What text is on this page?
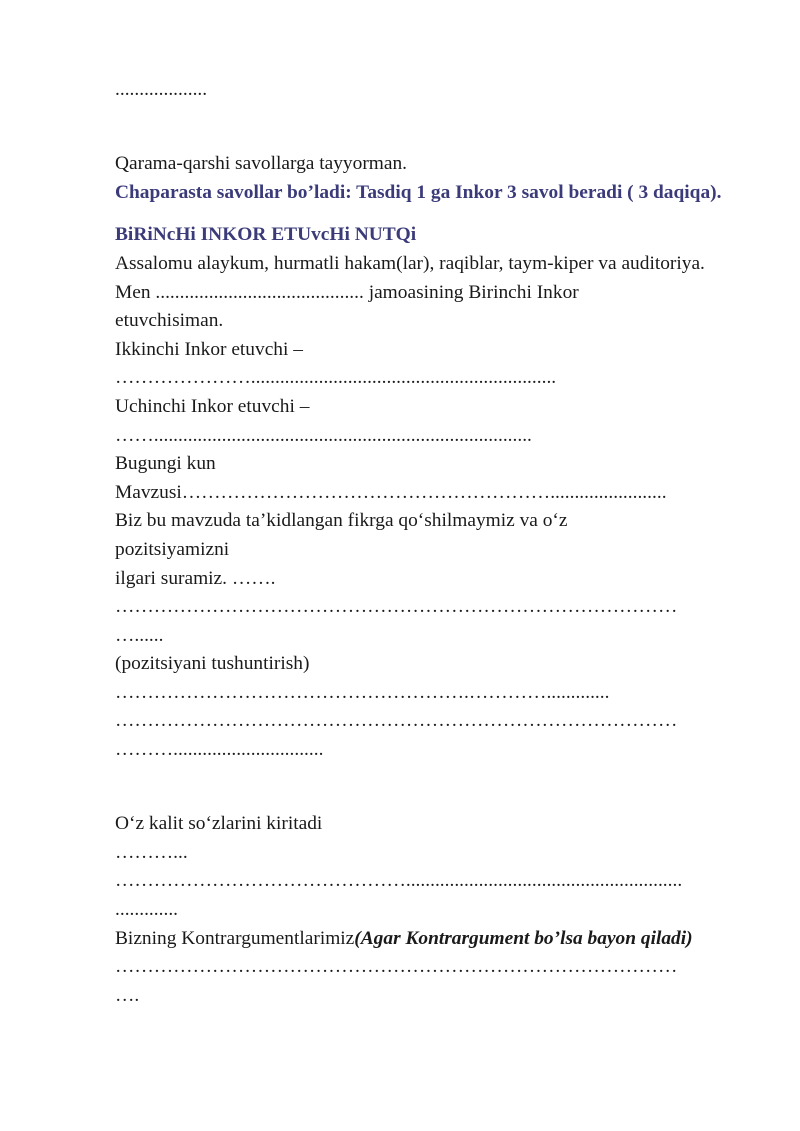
...................
Qarama-qarshi savollarga tayyorman.
Chaparasta savollar bo’ladi: Tasdiq 1 ga Inkor 3 savol beradi ( 3 daqiqa).
BiRiNcHi INKOR ETUvcHi NUTQi
Assalomu alaykum, hurmatli hakam(lar), raqiblar, taym-kiper va auditoriya.
Men ........................................... jamoasining Birinchi Inkor
etuvchisiman.
Ikkinchi Inkor etuvchi –
…………………...............................................................
Uchinchi Inkor etuvchi –
……..............................................................................
Bugungi kun
Mavzusi…………………………………………………........................
Biz bu mavzuda ta’kidlangan fikrga qo‘shilmaymiz va o‘z
pozitsiyamizni
ilgari suramiz. …….
……………………………………………………………………………
…......
(pozitsiyani tushuntirish)
……………………………………………….………….............
……………………………………………………………………………
………...............................
O‘z kalit so‘zlarini kiritadi
………...
……………………………………….........................................................
.............
Bizning Kontrargumentlarimiz(Agar Kontrargument bo’lsa bayon qiladi)
……………………………………………………………………………
….
